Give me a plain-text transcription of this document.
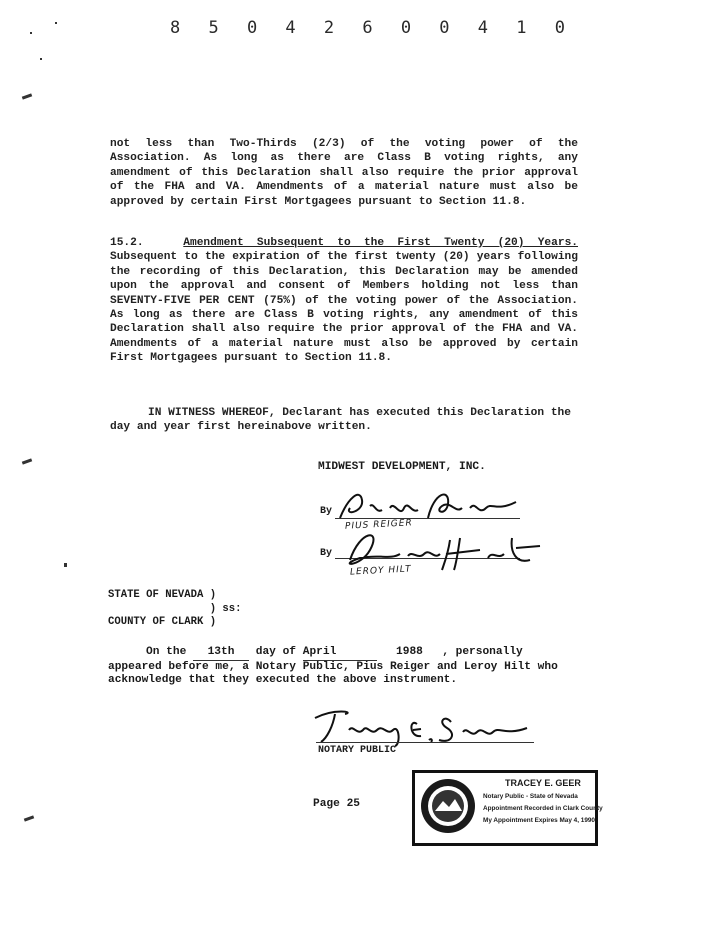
8 5 0 4 2 6 0 0 4 1 0
not less than Two-Thirds (2/3) of the voting power of the Association. As long as there are Class B voting rights, any amendment of this Declaration shall also require the prior approval of the FHA and VA. Amendments of a material nature must also be approved by certain First Mortgagees pursuant to Section 11.8.
15.2.	Amendment Subsequent to the First Twenty (20) Years. Subsequent to the expiration of the first twenty (20) years following the recording of this Declaration, this Declaration may be amended upon the approval and consent of Members holding not less than SEVENTY-FIVE PER CENT (75%) of the voting power of the Association. As long as there are Class B voting rights, any amendment of this Declaration shall also require the prior approval of the FHA and VA. Amendments of a material nature must also be approved by certain First Mortgagees pursuant to Section 11.8.
IN WITNESS WHEREOF, Declarant has executed this Declaration the day and year first hereinabove written.
MIDWEST DEVELOPMENT, INC.
By
PIUS REIGER
By
LEROY HILT
STATE OF NEVADA )
) ss:
COUNTY OF CLARK )
On the 13th day of April	1988 , personally appeared before me, a Notary Public, Pius Reiger and Leroy Hilt who acknowledge that they executed the above instrument.
NOTARY PUBLIC
Page 25
TRACEY E. GEER
Notary Public - State of Nevada
Appointment Recorded in Clark County
My Appointment Expires May 4, 1990
